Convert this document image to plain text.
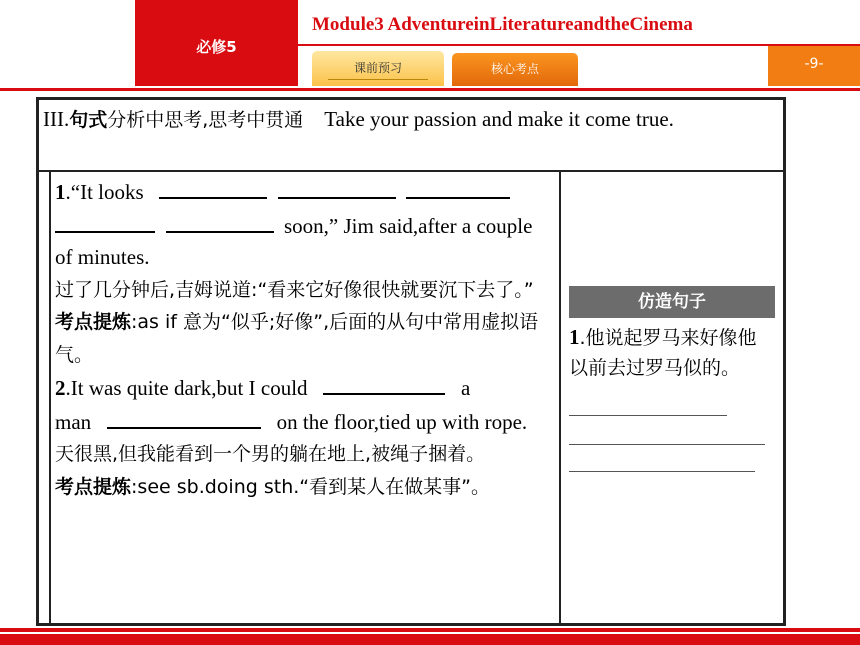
必修5
Module3 AdventureinLiteratureandtheCinema
课前预习	核心考点	-9-
III.句式分析中思考,思考中贯通 Take your passion and make it come true.
1.“It looks
soon,” Jim said,after a couple of minutes.
过了几分钟后,吉姆说道:“看来它好像很快就要沉下去了。”
考点提炼:as if 意为“似乎;好像”,后面的从句中常用虚拟语气。
2.It was quite dark,but I could	a
man	on the floor,tied up with rope.
天很黑,但我能看到一个男的躺在地上,被绳子捆着。
考点提炼:see sb.doing sth.“看到某人在做某事”。
仿造句子
1.他说起罗马来好像他以前去过罗马似的。
